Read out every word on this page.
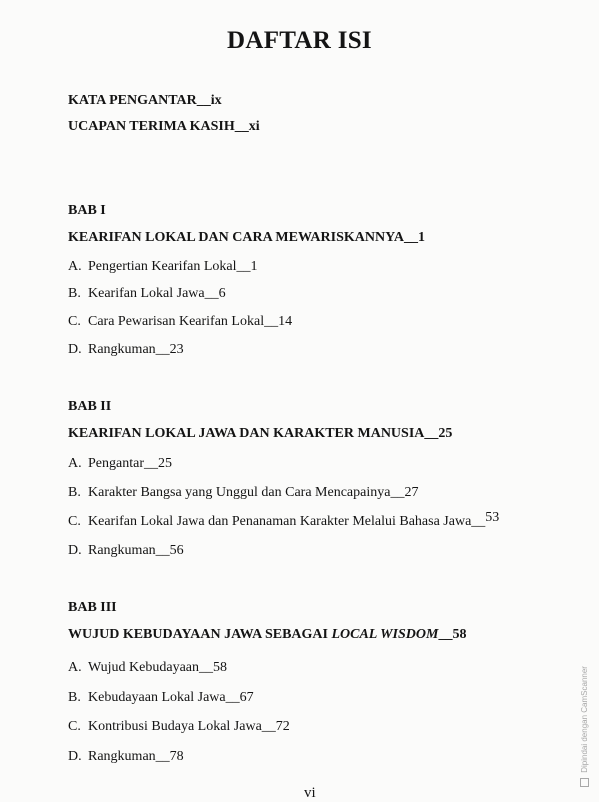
DAFTAR ISI
KATA PENGANTAR__ix
UCAPAN TERIMA KASIH__xi
BAB I
KEARIFAN LOKAL DAN CARA MEWARISKANNYA__1
A. Pengertian Kearifan Lokal__1
B. Kearifan Lokal Jawa__6
C. Cara Pewarisan Kearifan Lokal__14
D. Rangkuman__23
BAB II
KEARIFAN LOKAL JAWA DAN KARAKTER MANUSIA__25
A. Pengantar__25
B. Karakter Bangsa yang Unggul dan Cara Mencapainya__27
C. Kearifan Lokal Jawa dan Penanaman Karakter Melalui Bahasa Jawa__53
D. Rangkuman__56
BAB III
WUJUD KEBUDAYAAN JAWA SEBAGAI LOCAL WISDOM__58
A. Wujud Kebudayaan__58
B. Kebudayaan Lokal Jawa__67
C. Kontribusi Budaya Lokal Jawa__72
D. Rangkuman__78
vi
Dipindai dengan CamScanner
